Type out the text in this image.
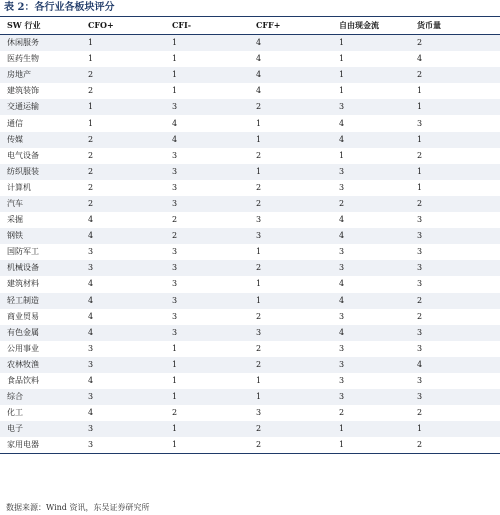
表 2：各行业各板块评分
SW 行业	CFO+	CFI-	CFF+	自由现金流	货币量
休闲服务	1	1	4	1	2
医药生物	1	1	4	1	4
房地产	2	1	4	1	2
建筑装饰	2	1	4	1	1
交通运输	1	3	2	3	1
通信	1	4	1	4	3
传媒	2	4	1	4	1
电气设备	2	3	2	1	2
纺织服装	2	3	1	3	1
计算机	2	3	2	3	1
汽车	2	3	2	2	2
采掘	4	2	3	4	3
钢铁	4	2	3	4	3
国防军工	3	3	1	3	3
机械设备	3	3	2	3	3
建筑材料	4	3	1	4	3
轻工制造	4	3	1	4	2
商业贸易	4	3	2	3	2
有色金属	4	3	3	4	3
公用事业	3	1	2	3	3
农林牧渔	3	1	2	3	4
食品饮料	4	1	1	3	3
综合	3	1	1	3	3
化工	4	2	3	2	2
电子	3	1	2	1	1
家用电器	3	1	2	1	2
数据来源：Wind 资讯，东吴证券研究所
